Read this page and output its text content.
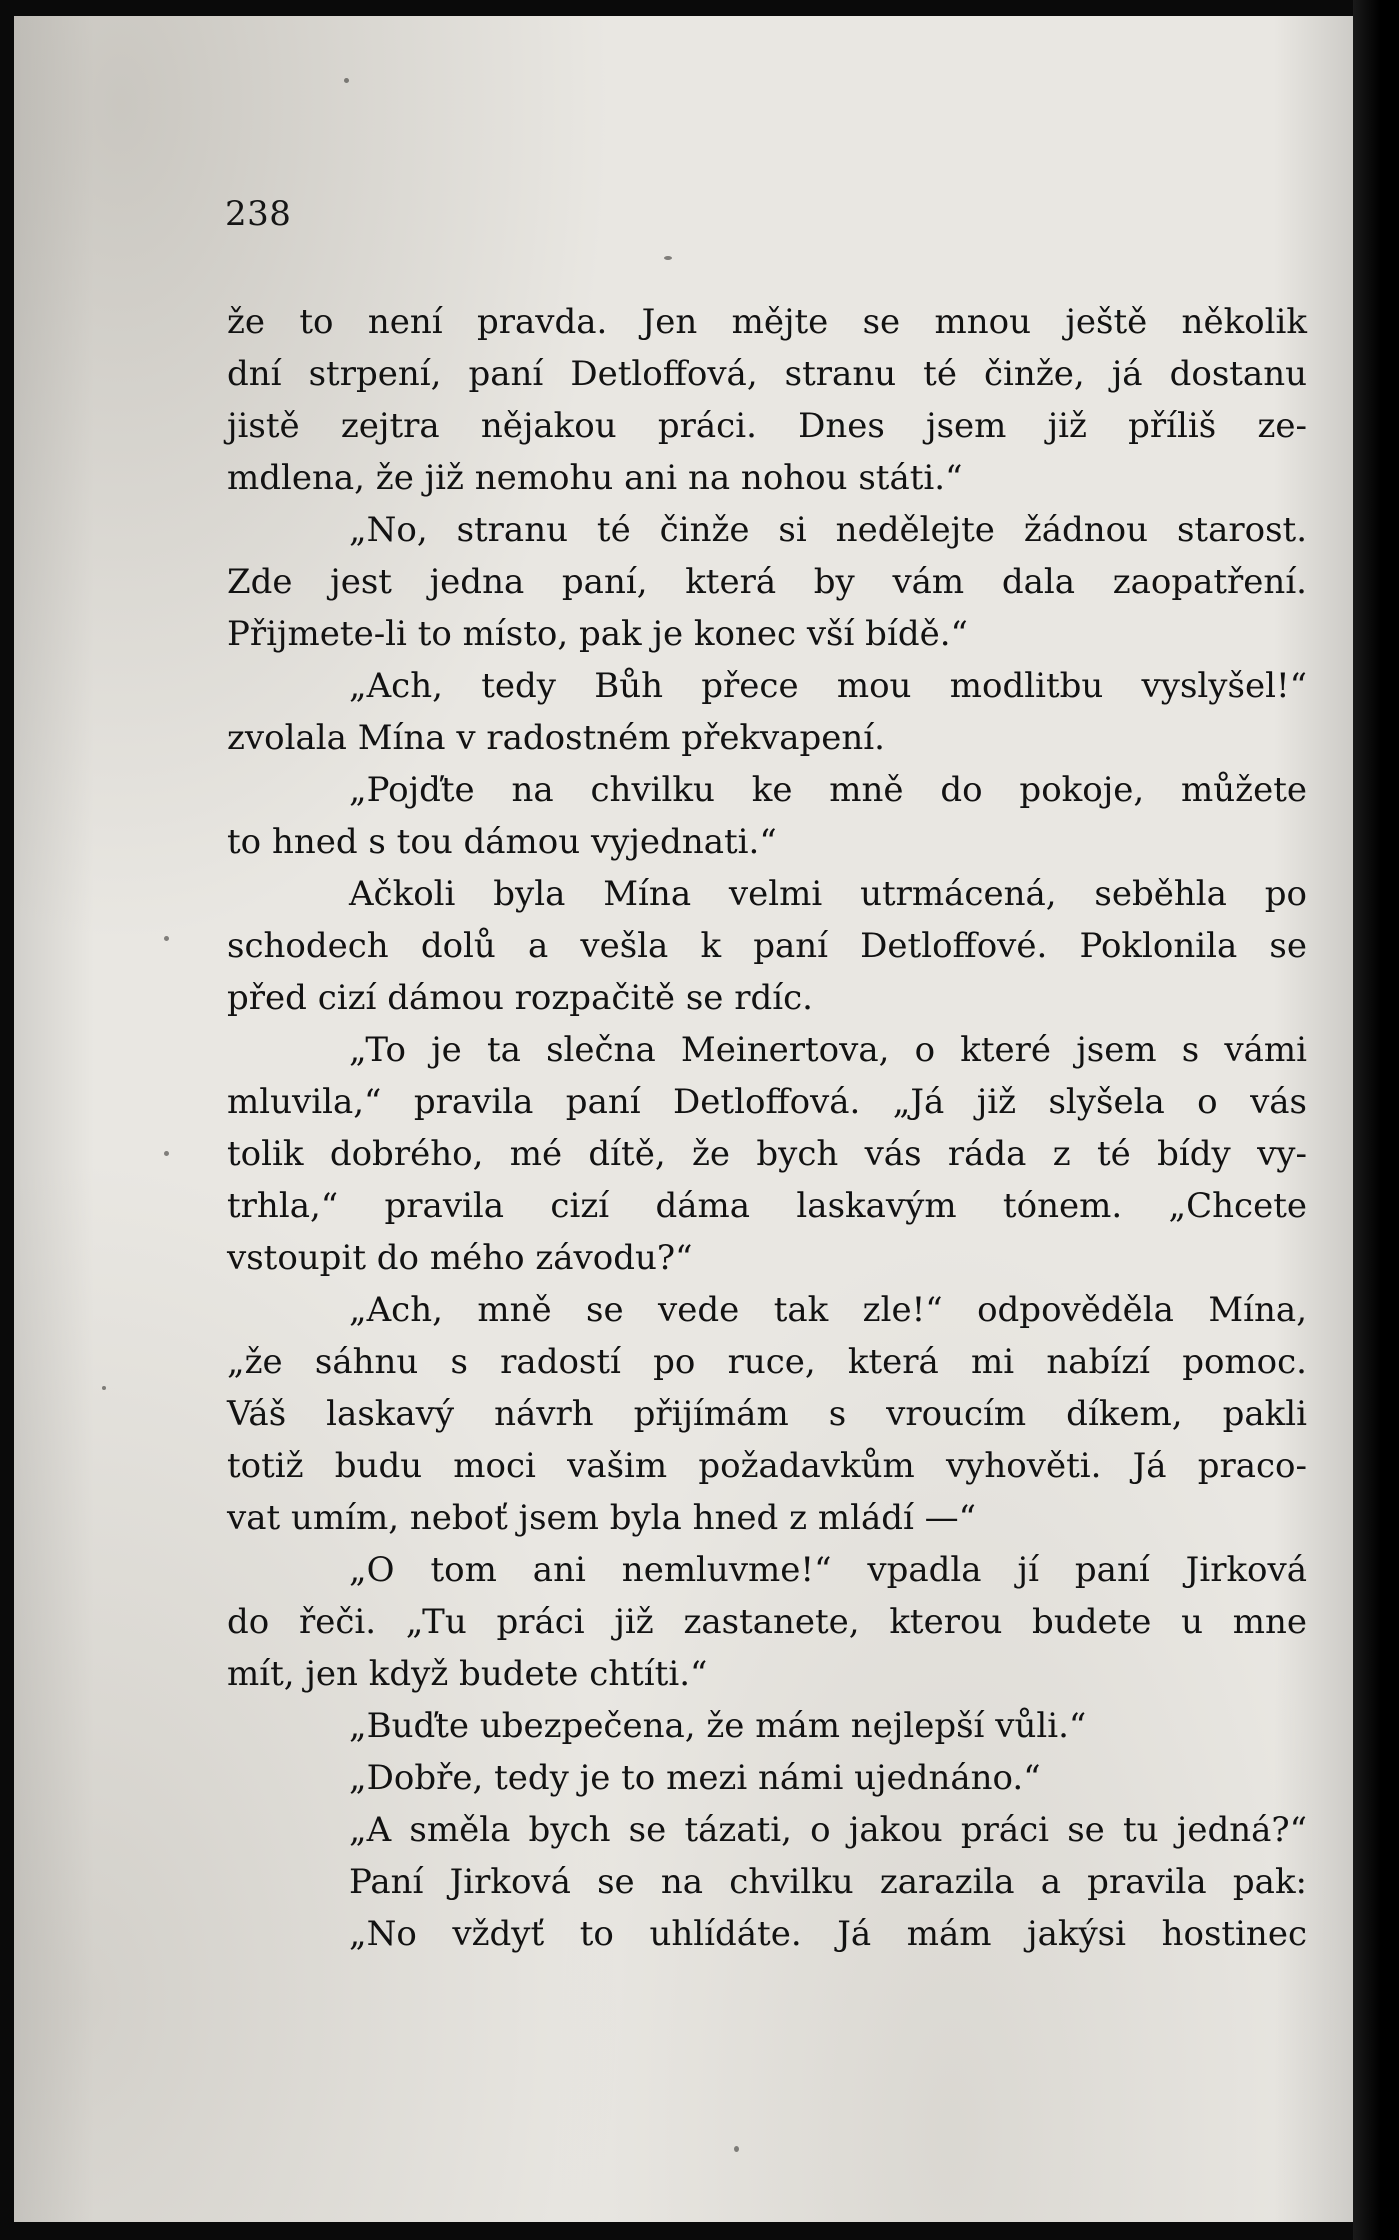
238
že to není pravda. Jen mějte se mnou ještě několik
dní strpení, paní Detloffová, stranu té činže, já dostanu
jistě zejtra nějakou práci. Dnes jsem již příliš ze-
mdlena, že již nemohu ani na nohou státi.“
„No, stranu té činže si nedělejte žádnou starost.
Zde jest jedna paní, která by vám dala zaopatření.
Přijmete-li to místo, pak je konec vší bídě.“
„Ach, tedy Bůh přece mou modlitbu vyslyšel!“
zvolala Mína v radostném překvapení.
„Pojďte na chvilku ke mně do pokoje, můžete
to hned s tou dámou vyjednati.“
Ačkoli byla Mína velmi utrmácená, seběhla po
schodech dolů a vešla k paní Detloffové. Poklonila se
před cizí dámou rozpačitě se rdíc.
„To je ta slečna Meinertova, o které jsem s vámi
mluvila,“ pravila paní Detloffová. „Já již slyšela o vás
tolik dobrého, mé dítě, že bych vás ráda z té bídy vy-
trhla,“ pravila cizí dáma laskavým tónem. „Chcete
vstoupit do mého závodu?“
„Ach, mně se vede tak zle!“ odpověděla Mína,
„že sáhnu s radostí po ruce, která mi nabízí pomoc.
Váš laskavý návrh přijímám s vroucím díkem, pakli
totiž budu moci vašim požadavkům vyhověti. Já praco-
vat umím, neboť jsem byla hned z mládí —“
„O tom ani nemluvme!“ vpadla jí paní Jirková
do řeči. „Tu práci již zastanete, kterou budete u mne
mít, jen když budete chtíti.“
„Buďte ubezpečena, že mám nejlepší vůli.“
„Dobře, tedy je to mezi námi ujednáno.“
„A směla bych se tázati, o jakou práci se tu jedná?“
Paní Jirková se na chvilku zarazila a pravila pak:
„No vždyť to uhlídáte. Já mám jakýsi hostinec
